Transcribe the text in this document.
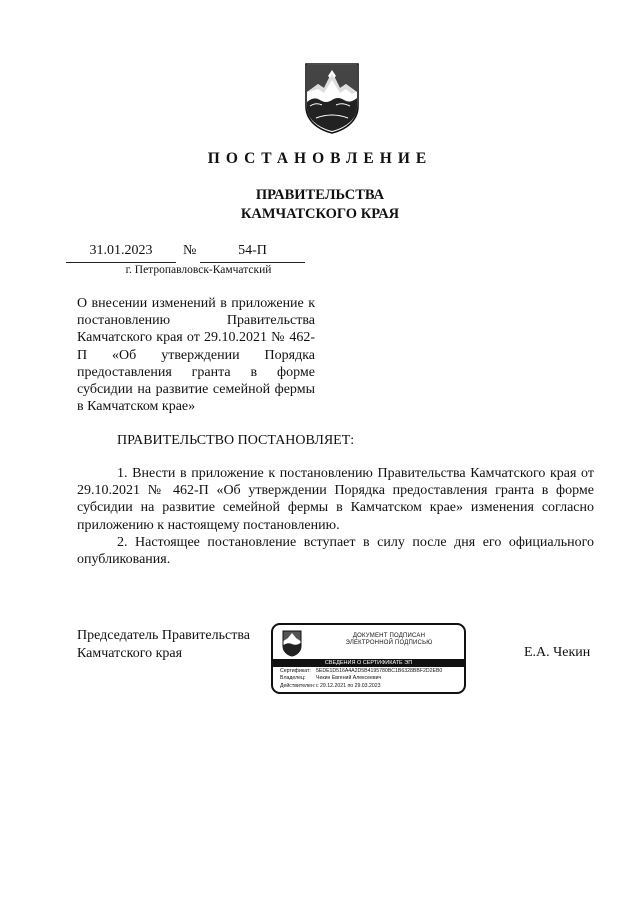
ПОСТАНОВЛЕНИЕ
ПРАВИТЕЛЬСТВА
КАМЧАТСКОГО КРАЯ
31.01.2023	№	54-П
г. Петропавловск-Камчатский
О внесении изменений в приложение к постановлению Правительства Камчатского края от 29.10.2021 № 462-П «Об утверждении Порядка предоставления гранта в форме субсидии на развитие семейной фермы в Камчатском крае»
ПРАВИТЕЛЬСТВО ПОСТАНОВЛЯЕТ:

1. Внести в приложение к постановлению Правительства Камчатского края от 29.10.2021 № 462-П «Об утверждении Порядка предоставления гранта в форме субсидии на развитие семейной фермы в Камчатском крае» изменения согласно приложению к настоящему постановлению.

2. Настоящее постановление вступает в силу после дня его официального опубликования.

Председатель Правительства
Камчатского края	Е.А. Чекин
ДОКУМЕНТ ПОДПИСАН
ЭЛЕКТРОННОЙ ПОДПИСЬЮ
СВЕДЕНИЯ О СЕРТИФИКАТЕ ЭП
Сертификат: 5EDE1D516A4A2D5B4195780BC1B6328BBF2D2EB0
Владелец: Чекин Евгений Алексеевич
Действителен:с 29.12.2021 по 29.03.2023
